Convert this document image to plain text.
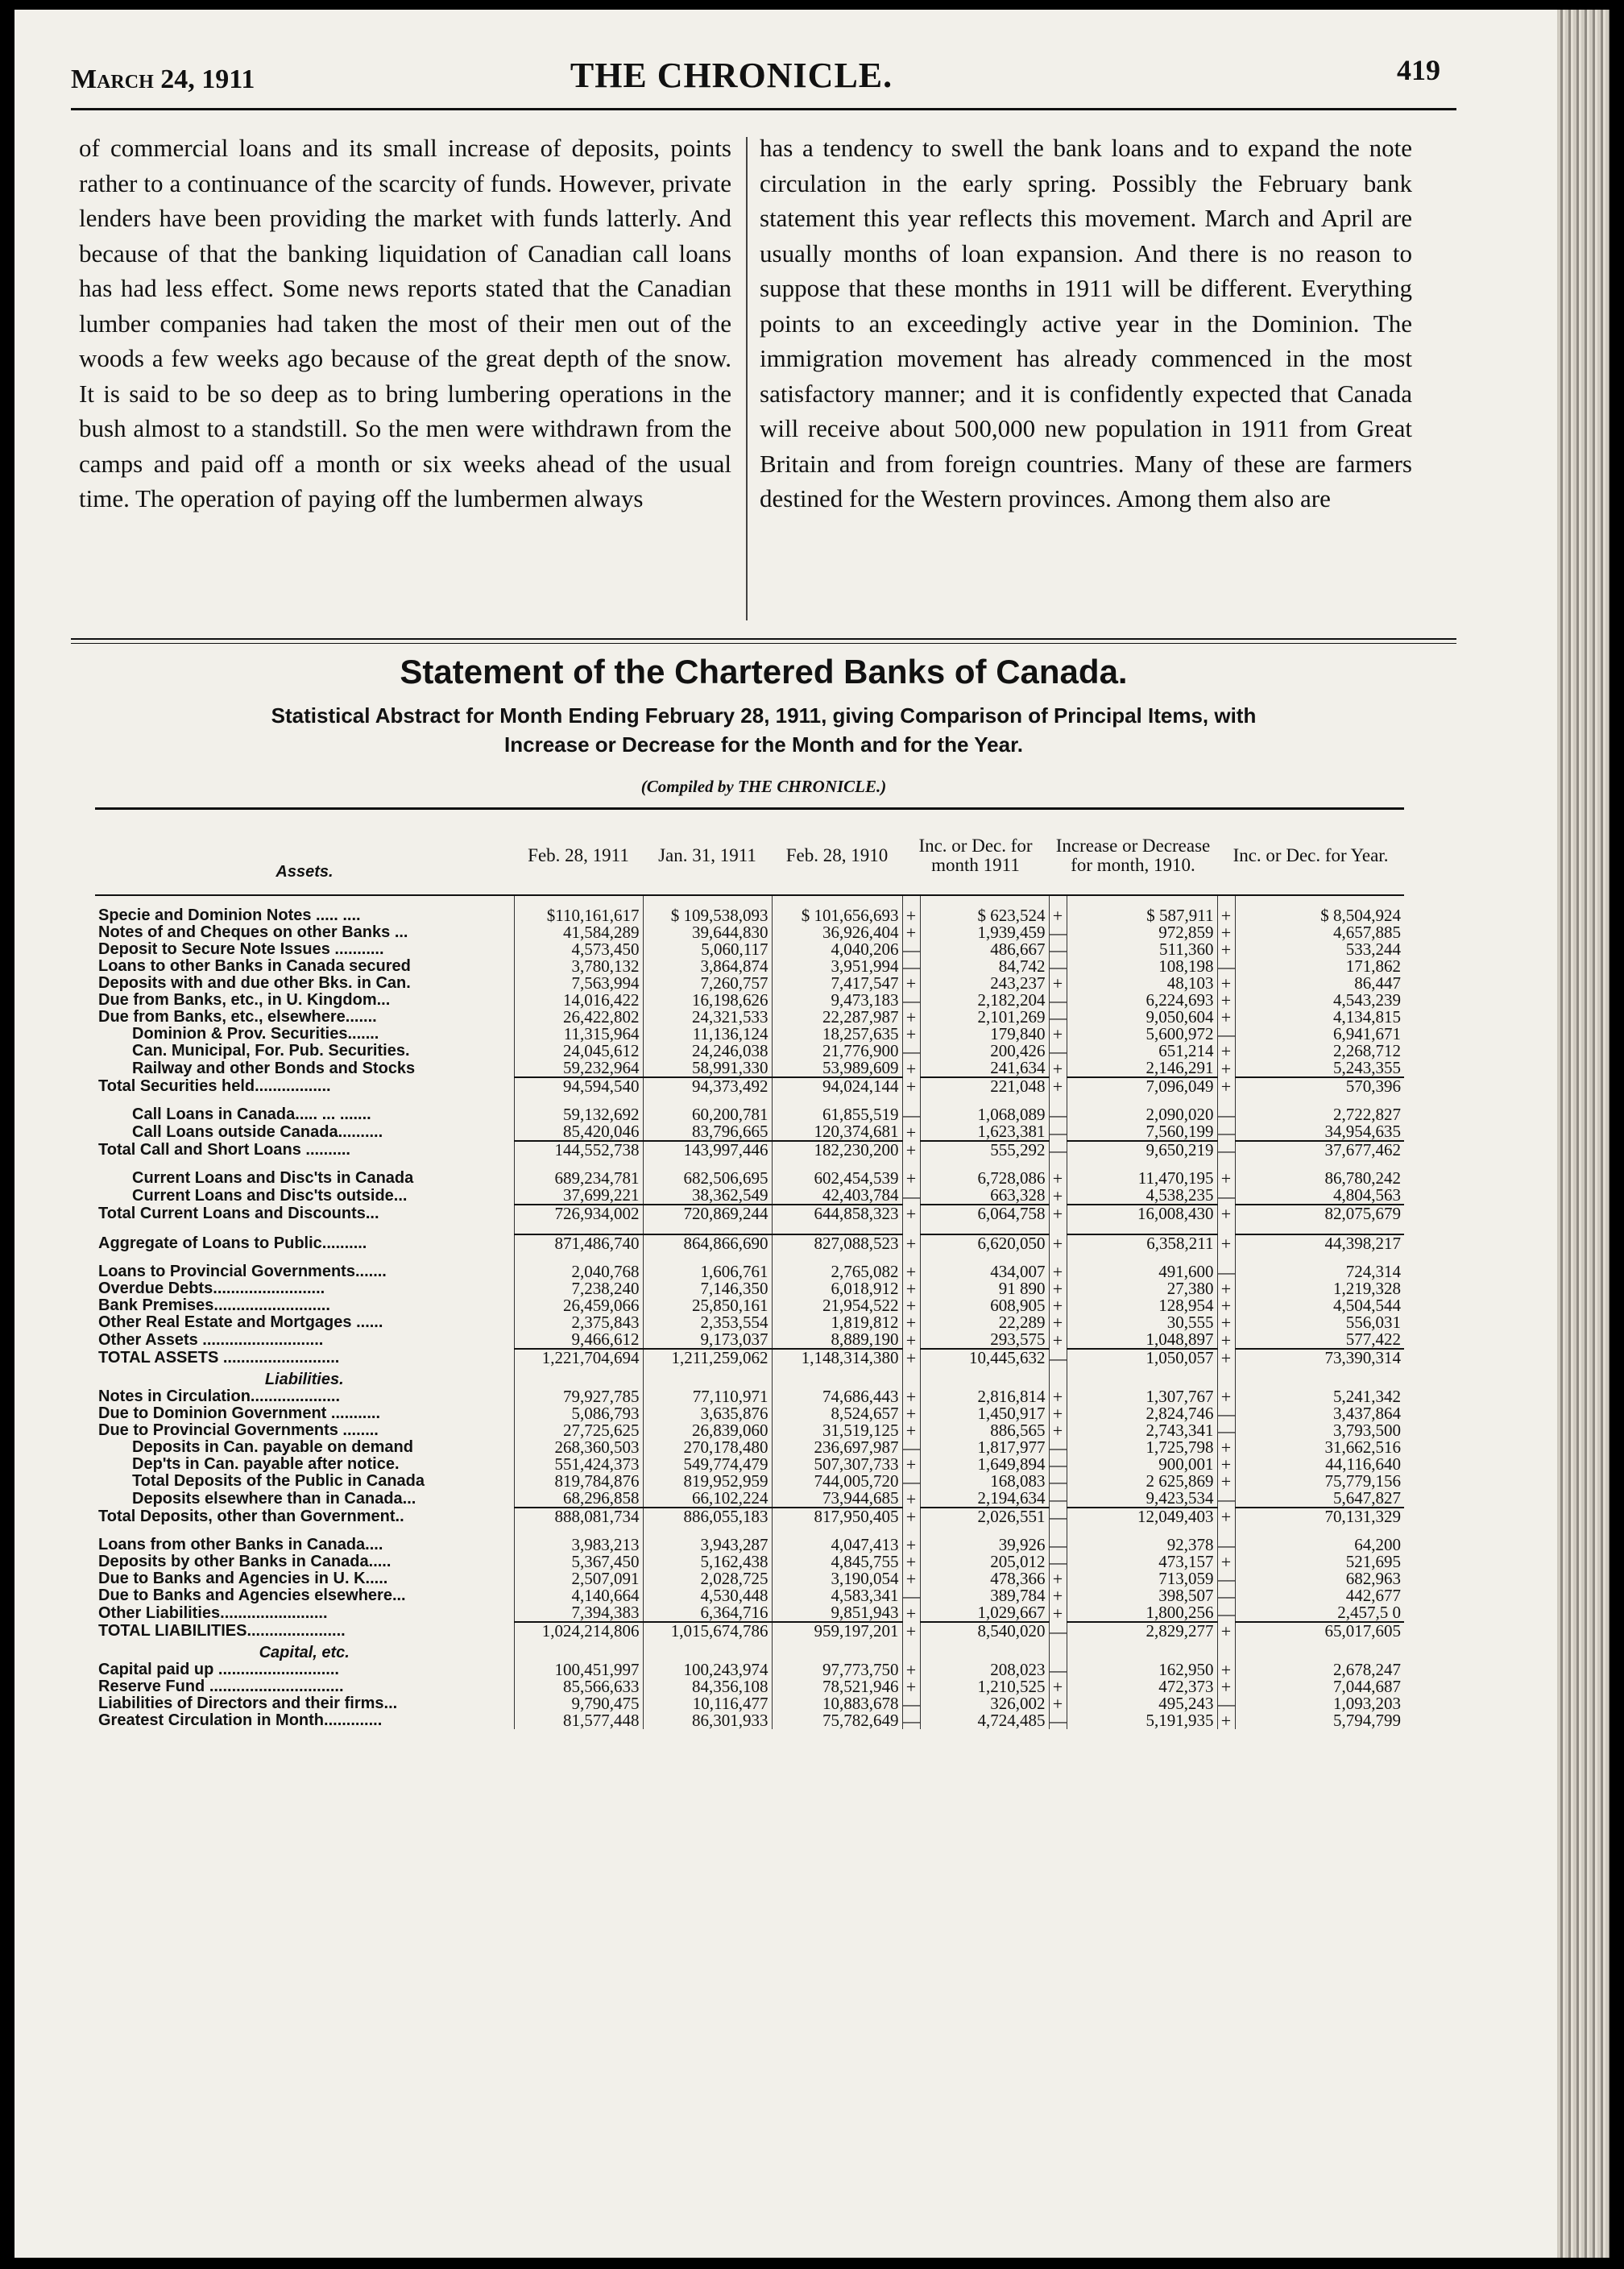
March 24, 1911	THE CHRONICLE.	419

of commercial loans and its small increase of deposits, points rather to a continuance of the scarcity of funds. However, private lenders have been providing the market with funds latterly. And because of that the banking liquidation of Canadian call loans has had less effect. Some news reports stated that the Canadian lumber companies had taken the most of their men out of the woods a few weeks ago because of the great depth of the snow. It is said to be so deep as to bring lumbering operations in the bush almost to a standstill. So the men were withdrawn from the camps and paid off a month or six weeks ahead of the usual time. The operation of paying off the lumbermen always

has a tendency to swell the bank loans and to expand the note circulation in the early spring. Possibly the February bank statement this year reflects this movement. March and April are usually months of loan expansion. And there is no reason to suppose that these months in 1911 will be different. Everything points to an exceedingly active year in the Dominion. The immigration movement has already commenced in the most satisfactory manner; and it is confidently expected that Canada will receive about 500,000 new population in 1911 from Great Britain and from foreign countries. Many of these are farmers destined for the Western provinces. Among them also are

Statement of the Chartered Banks of Canada.
Statistical Abstract for Month Ending February 28, 1911, giving Comparison of Principal Items, with
Increase or Decrease for the Month and for the Year.
(Compiled by THE CHRONICLE.)
Assets.	Feb. 28, 1911	Jan. 31, 1911	Feb. 28, 1910	Inc. or Dec. for month 1911		Increase or Decrease for month, 1910.		Inc. or Dec. for Year.	

Specie and Dominion Notes ..... ....	$110,161,617	$ 109,538,093	$ 101,656,693	+	$ 623,524	+	$ 587,911	+	$ 8,504,924
Notes of and Cheques on other Banks ...	41,584,289	39,644,830	36,926,404	+	1,939,459	—	972,859	+	4,657,885
Deposit to Secure Note Issues ...........	4,573,450	5,060,117	4,040,206	—	486,667	—	511,360	+	533,244
Loans to other Banks in Canada secured	3,780,132	3,864,874	3,951,994	—	84,742	—	108,198	—	171,862
Deposits with and due other Bks. in Can.	7,563,994	7,260,757	7,417,547	+	243,237	+	48,103	+	86,447
Due from Banks, etc., in U. Kingdom...	14,016,422	16,198,626	9,473,183	—	2,182,204	—	6,224,693	+	4,543,239
Due from Banks, etc., elsewhere.......	26,422,802	24,321,533	22,287,987	+	2,101,269	—	9,050,604	+	4,134,815
Dominion & Prov. Securities.......	11,315,964	11,136,124	18,257,635	+	179,840	+	5,600,972	—	6,941,671
Can. Municipal, For. Pub. Securities.	24,045,612	24,246,038	21,776,900	—	200,426	—	651,214	+	2,268,712
Railway and other Bonds and Stocks	59,232,964	58,991,330	53,989,609	+	241,634	+	2,146,291	+	5,243,355
Total Securities held.................	94,594,540	94,373,492	94,024,144	+	221,048	+	7,096,049	+	570,396

Call Loans in Canada..... ... .......	59,132,692	60,200,781	61,855,519	—	1,068,089	—	2,090,020	—	2,722,827
Call Loans outside Canada..........	85,420,046	83,796,665	120,374,681	+	1,623,381	—	7,560,199	—	34,954,635
Total Call and Short Loans ..........	144,552,738	143,997,446	182,230,200	+	555,292	—	9,650,219	—	37,677,462

Current Loans and Disc'ts in Canada	689,234,781	682,506,695	602,454,539	+	6,728,086	+	11,470,195	+	86,780,242
Current Loans and Disc'ts outside...	37,699,221	38,362,549	42,403,784	—	663,328	+	4,538,235	—	4,804,563
Total Current Loans and Discounts...	726,934,002	720,869,244	644,858,323	+	6,064,758	+	16,008,430	+	82,075,679

Aggregate of Loans to Public..........	871,486,740	864,866,690	827,088,523	+	6,620,050	+	6,358,211	+	44,398,217

Loans to Provincial Governments.......	2,040,768	1,606,761	2,765,082	+	434,007	+	491,600	—	724,314
Overdue Debts.........................	7,238,240	7,146,350	6,018,912	+	91 890	+	27,380	+	1,219,328
Bank Premises..........................	26,459,066	25,850,161	21,954,522	+	608,905	+	128,954	+	4,504,544
Other Real Estate and Mortgages ......	2,375,843	2,353,554	1,819,812	+	22,289	+	30,555	+	556,031
Other Assets ...........................	9,466,612	9,173,037	8,889,190	+	293,575	+	1,048,897	+	577,422
TOTAL ASSETS ..........................	1,221,704,694	1,211,259,062	1,148,314,380	+	10,445,632	—	1,050,057	+	73,390,314
Liabilities.									
Notes in Circulation....................	79,927,785	77,110,971	74,686,443	+	2,816,814	+	1,307,767	+	5,241,342
Due to Dominion Government ...........	5,086,793	3,635,876	8,524,657	+	1,450,917	+	2,824,746	—	3,437,864
Due to Provincial Governments ........	27,725,625	26,839,060	31,519,125	+	886,565	+	2,743,341	—	3,793,500
Deposits in Can. payable on demand	268,360,503	270,178,480	236,697,987	—	1,817,977	—	1,725,798	+	31,662,516
Dep'ts in Can. payable after notice.	551,424,373	549,774,479	507,307,733	+	1,649,894	—	900,001	+	44,116,640
Total Deposits of the Public in Canada	819,784,876	819,952,959	744,005,720	—	168,083	—	2 625,869	+	75,779,156
Deposits elsewhere than in Canada...	68,296,858	66,102,224	73,944,685	+	2,194,634	—	9,423,534	—	5,647,827
Total Deposits, other than Government..	888,081,734	886,055,183	817,950,405	+	2,026,551	—	12,049,403	+	70,131,329

Loans from other Banks in Canada....	3,983,213	3,943,287	4,047,413	+	39,926	—	92,378	—	64,200
Deposits by other Banks in Canada.....	5,367,450	5,162,438	4,845,755	+	205,012	—	473,157	+	521,695
Due to Banks and Agencies in U. K.....	2,507,091	2,028,725	3,190,054	+	478,366	+	713,059	—	682,963
Due to Banks and Agencies elsewhere...	4,140,664	4,530,448	4,583,341	—	389,784	+	398,507	—	442,677
Other Liabilities........................	7,394,383	6,364,716	9,851,943	+	1,029,667	+	1,800,256	—	2,457,5 0
TOTAL LIABILITIES......................	1,024,214,806	1,015,674,786	959,197,201	+	8,540,020	—	2,829,277	+	65,017,605
Capital, etc.									
Capital paid up ...........................	100,451,997	100,243,974	97,773,750	+	208,023	—	162,950	+	2,678,247
Reserve Fund ..............................	85,566,633	84,356,108	78,521,946	+	1,210,525	+	472,373	+	7,044,687
Liabilities of Directors and their firms...	9,790,475	10,116,477	10,883,678	—	326,002	+	495,243	—	1,093,203
Greatest Circulation in Month.............	81,577,448	86,301,933	75,782,649	—	4,724,485	—	5,191,935	+	5,794,799
